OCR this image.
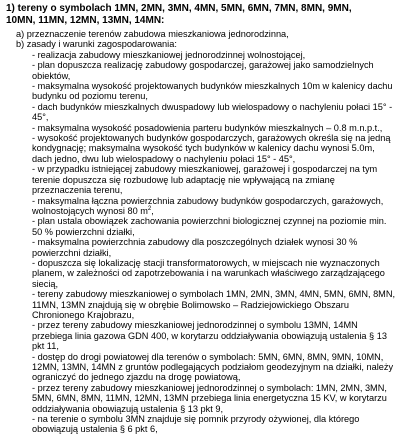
1) tereny o symbolach 1MN, 2MN, 3MN, 4MN, 5MN, 6MN, 7MN, 8MN, 9MN, 10MN, 11MN, 12MN, 13MN, 14MN:

a) przeznaczenie terenów zabudowa mieszkaniowa jednorodzinna,

b) zasady i warunki zagospodarowania:

- realizacja zabudowy mieszkaniowej jednorodzinnej wolnostojącej,

- plan dopuszcza realizację zabudowy gospodarczej, garażowej jako samodzielnych obiektów,

- maksymalna wysokość projektowanych budynków mieszkalnych 10m w kalenicy dachu budynku od poziomu terenu,

- dach budynków mieszkalnych dwuspadowy lub wielospadowy o nachyleniu połaci 15° - 45°,

- maksymalna wysokość posadowienia parteru budynków mieszkalnych – 0.8 m.n.p.t.,

- wysokość projektowanych budynków gospodarczych, garażowych określa się na jedną kondygnację; maksymalna wysokość tych budynków w kalenicy dachu wynosi 5.0m, dach jedno, dwu lub wielospadowy o nachyleniu połaci 15° - 45°,

- w przypadku istniejącej zabudowy mieszkaniowej, garażowej i gospodarczej na tym terenie dopuszcza się rozbudowę lub adaptację nie wpływającą na zmianę przeznaczenia terenu,

- maksymalna łączna powierzchnia zabudowy budynków gospodarczych, garażowych, wolnostojących wynosi 80 $m^2$,

- plan ustala obowiązek zachowania powierzchni biologicznej czynnej na poziomie min. 50 % powierzchni działki,

- maksymalna powierzchnia zabudowy dla poszczególnych działek wynosi 30 % powierzchni działki,

- dopuszcza się lokalizację stacji transformatorowych, w miejscach nie wyznaczonych planem, w zależności od zapotrzebowania i na warunkach właściwego zarządzającego siecią,

- tereny zabudowy mieszkaniowej o symbolach 1MN, 2MN, 3MN, 4MN, 5MN, 6MN, 8MN, 11MN, 13MN znajdują się w obrębie Bolimowsko – Radziejowickiego Obszaru Chronionego Krajobrazu,

- przez tereny zabudowy mieszkaniowej jednorodzinnej o symbolu 13MN, 14MN przebiega linia gazowa GDN 400, w korytarzu oddziaływania obowiązują ustalenia § 13 pkt 11,

- dostęp do drogi powiatowej dla terenów o symbolach: 5MN, 6MN, 8MN, 9MN, 10MN, 12MN, 13MN, 14MN z gruntów podlegających podziałom geodezyjnym na działki, należy ograniczyć do jednego zjazdu na drogę powiatową,

- przez tereny zabudowy mieszkaniowej jednorodzinnej o symbolach: 1MN, 2MN, 3MN, 5MN, 6MN, 8MN, 11MN, 12MN, 13MN przebiega linia energetyczna 15 KV, w korytarzu oddziaływania obowiązują ustalenia § 13 pkt 9,

- na terenie o symbolu 3MN znajduje się pomnik przyrody ożywionej, dla którego obowiązują ustalenia § 6 pkt 6,
